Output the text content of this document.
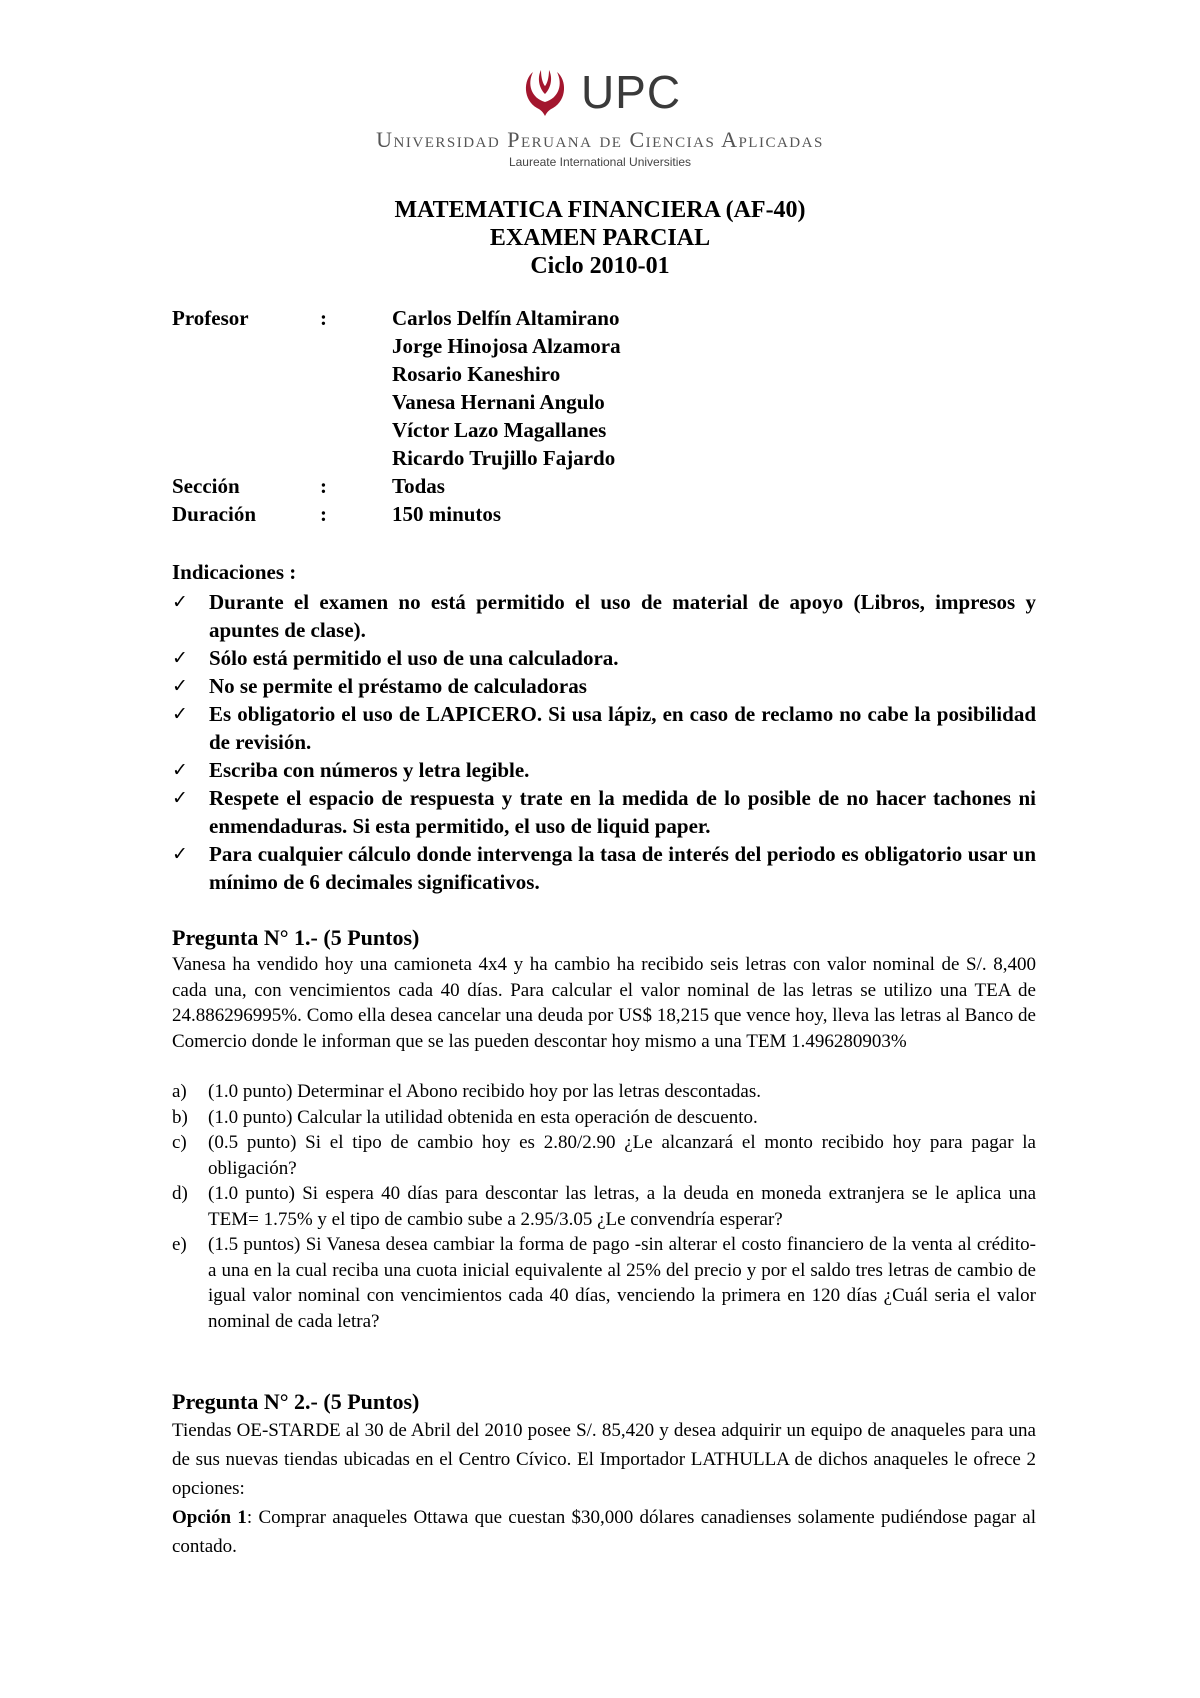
UPC
Universidad Peruana de Ciencias Aplicadas
Laureate International Universities
MATEMATICA FINANCIERA (AF-40)
EXAMEN PARCIAL
Ciclo 2010-01
Profesor	:	Carlos Delfín Altamirano
Jorge Hinojosa Alzamora
Rosario Kaneshiro
Vanesa Hernani Angulo
Víctor Lazo Magallanes
Ricardo Trujillo Fajardo
Sección	:	Todas
Duración	:	150 minutos
Indicaciones :
✓ Durante el examen no está permitido el uso de material de apoyo (Libros, impresos y apuntes de clase).
✓ Sólo está permitido el uso de una calculadora.
✓ No se permite el préstamo de calculadoras
✓ Es obligatorio el uso de LAPICERO. Si usa lápiz, en caso de reclamo no cabe la posibilidad de revisión.
✓ Escriba con números y letra legible.
✓ Respete el espacio de respuesta y trate en la medida de lo posible de no hacer tachones ni enmendaduras. Si esta permitido, el uso de liquid paper.
✓ Para cualquier cálculo donde intervenga la tasa de interés del periodo es obligatorio usar un mínimo de 6 decimales significativos.
Pregunta N° 1.- (5 Puntos)
Vanesa ha vendido hoy una camioneta 4x4 y ha cambio ha recibido seis letras con valor nominal de S/. 8,400 cada una, con vencimientos cada 40 días. Para calcular el valor nominal de las letras se utilizo una TEA de 24.886296995%. Como ella desea cancelar una deuda por US$ 18,215 que vence hoy, lleva las letras al Banco de Comercio donde le informan que se las pueden descontar hoy mismo a una TEM 1.496280903%
a) (1.0 punto) Determinar el Abono recibido hoy por las letras descontadas.
b) (1.0 punto) Calcular la utilidad obtenida en esta operación de descuento.
c) (0.5 punto) Si el tipo de cambio hoy es 2.80/2.90 ¿Le alcanzará el monto recibido hoy para pagar la obligación?
d) (1.0 punto) Si espera 40 días para descontar las letras, a la deuda en moneda extranjera se le aplica una TEM= 1.75% y el tipo de cambio sube a 2.95/3.05 ¿Le convendría esperar?
e) (1.5 puntos) Si Vanesa desea cambiar la forma de pago -sin alterar el costo financiero de la venta al crédito- a una en la cual reciba una cuota inicial equivalente al 25% del precio y por el saldo tres letras de cambio de igual valor nominal con vencimientos cada 40 días, venciendo la primera en 120 días ¿Cuál seria el valor nominal de cada letra?
Pregunta N° 2.- (5 Puntos)
Tiendas OE-STARDE al 30 de Abril del 2010 posee S/. 85,420 y desea adquirir un equipo de anaqueles para una de sus nuevas tiendas ubicadas en el Centro Cívico. El Importador LATHULLA de dichos anaqueles le ofrece 2 opciones:
Opción 1: Comprar anaqueles Ottawa que cuestan $30,000 dólares canadienses solamente pudiéndose pagar al contado.
